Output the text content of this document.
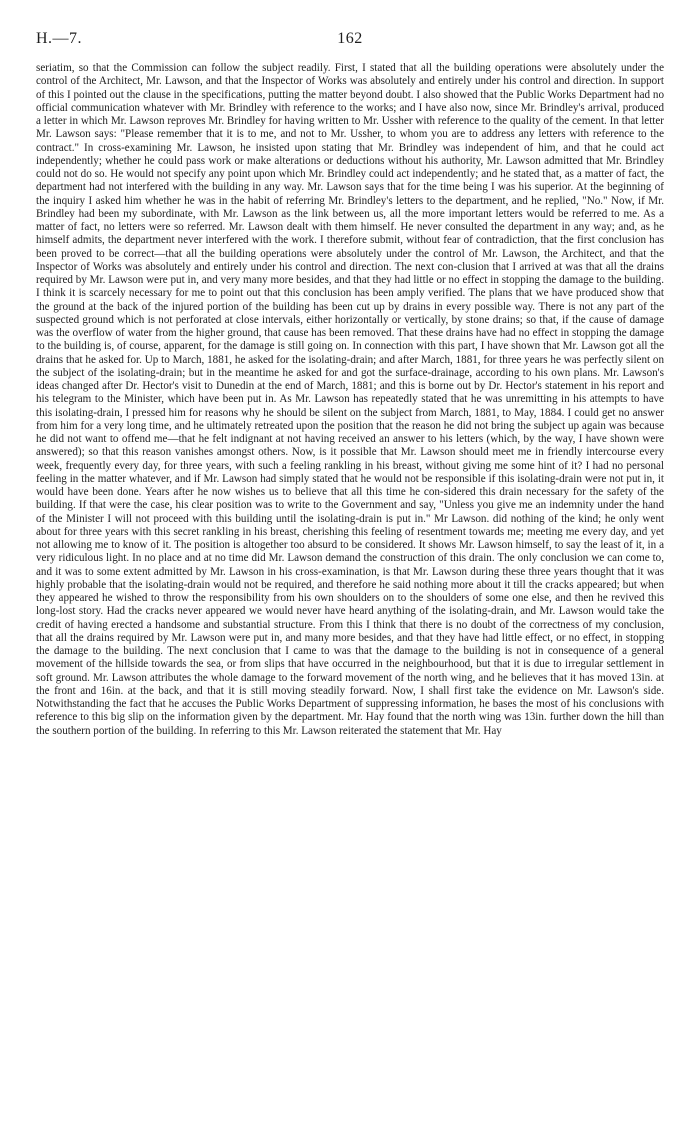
H.—7.	162

seriatim, so that the Commission can follow the subject readily. First, I stated that all the building operations were absolutely under the control of the Architect, Mr. Lawson, and that the Inspector of Works was absolutely and entirely under his control and direction. In support of this I pointed out the clause in the specifications, putting the matter beyond doubt. I also showed that the Public Works Department had no official communication whatever with Mr. Brindley with reference to the works; and I have also now, since Mr. Brindley's arrival, produced a letter in which Mr. Lawson reproves Mr. Brindley for having written to Mr. Ussher with reference to the quality of the cement. In that letter Mr. Lawson says: "Please remember that it is to me, and not to Mr. Ussher, to whom you are to address any letters with reference to the contract." In cross-examining Mr. Lawson, he insisted upon stating that Mr. Brindley was independent of him, and that he could act independently; whether he could pass work or make alterations or deductions without his authority, Mr. Lawson admitted that Mr. Brindley could not do so. He would not specify any point upon which Mr. Brindley could act independently; and he stated that, as a matter of fact, the department had not interfered with the building in any way. Mr. Lawson says that for the time being I was his superior. At the beginning of the inquiry I asked him whether he was in the habit of referring Mr. Brindley's letters to the department, and he replied, "No." Now, if Mr. Brindley had been my subordinate, with Mr. Lawson as the link between us, all the more important letters would be referred to me. As a matter of fact, no letters were so referred. Mr. Lawson dealt with them himself. He never consulted the department in any way; and, as he himself admits, the department never interfered with the work. I therefore submit, without fear of contradiction, that the first conclusion has been proved to be correct—that all the building operations were absolutely under the control of Mr. Lawson, the Architect, and that the Inspector of Works was absolutely and entirely under his control and direction. The next con-clusion that I arrived at was that all the drains required by Mr. Lawson were put in, and very many more besides, and that they had little or no effect in stopping the damage to the building. I think it is scarcely necessary for me to point out that this conclusion has been amply verified. The plans that we have produced show that the ground at the back of the injured portion of the building has been cut up by drains in every possible way. There is not any part of the suspected ground which is not perforated at close intervals, either horizontally or vertically, by stone drains; so that, if the cause of damage was the overflow of water from the higher ground, that cause has been removed. That these drains have had no effect in stopping the damage to the building is, of course, apparent, for the damage is still going on. In connection with this part, I have shown that Mr. Lawson got all the drains that he asked for. Up to March, 1881, he asked for the isolating-drain; and after March, 1881, for three years he was perfectly silent on the subject of the isolating-drain; but in the meantime he asked for and got the surface-drainage, according to his own plans. Mr. Lawson's ideas changed after Dr. Hector's visit to Dunedin at the end of March, 1881; and this is borne out by Dr. Hector's statement in his report and his telegram to the Minister, which have been put in. As Mr. Lawson has repeatedly stated that he was unremitting in his attempts to have this isolating-drain, I pressed him for reasons why he should be silent on the subject from March, 1881, to May, 1884. I could get no answer from him for a very long time, and he ultimately retreated upon the position that the reason he did not bring the subject up again was because he did not want to offend me—that he felt indignant at not having received an answer to his letters (which, by the way, I have shown were answered); so that this reason vanishes amongst others. Now, is it possible that Mr. Lawson should meet me in friendly intercourse every week, frequently every day, for three years, with such a feeling rankling in his breast, without giving me some hint of it? I had no personal feeling in the matter whatever, and if Mr. Lawson had simply stated that he would not be responsible if this isolating-drain were not put in, it would have been done. Years after he now wishes us to believe that all this time he con-sidered this drain necessary for the safety of the building. If that were the case, his clear position was to write to the Government and say, "Unless you give me an indemnity under the hand of the Minister I will not proceed with this building until the isolating-drain is put in." Mr Lawson. did nothing of the kind; he only went about for three years with this secret rankling in his breast, cherishing this feeling of resentment towards me; meeting me every day, and yet not allowing me to know of it. The position is altogether too absurd to be considered. It shows Mr. Lawson himself, to say the least of it, in a very ridiculous light. In no place and at no time did Mr. Lawson demand the construction of this drain. The only conclusion we can come to, and it was to some extent admitted by Mr. Lawson in his cross-examination, is that Mr. Lawson during these three years thought that it was highly probable that the isolating-drain would not be required, and therefore he said nothing more about it till the cracks appeared; but when they appeared he wished to throw the responsibility from his own shoulders on to the shoulders of some one else, and then he revived this long-lost story. Had the cracks never appeared we would never have heard anything of the isolating-drain, and Mr. Lawson would take the credit of having erected a handsome and substantial structure. From this I think that there is no doubt of the correctness of my conclusion, that all the drains required by Mr. Lawson were put in, and many more besides, and that they have had little effect, or no effect, in stopping the damage to the building. The next conclusion that I came to was that the damage to the building is not in consequence of a general movement of the hillside towards the sea, or from slips that have occurred in the neighbourhood, but that it is due to irregular settlement in soft ground. Mr. Lawson attributes the whole damage to the forward movement of the north wing, and he believes that it has moved 13in. at the front and 16in. at the back, and that it is still moving steadily forward. Now, I shall first take the evidence on Mr. Lawson's side. Notwithstanding the fact that he accuses the Public Works Department of suppressing information, he bases the most of his conclusions with reference to this big slip on the information given by the department. Mr. Hay found that the north wing was 13in. further down the hill than the southern portion of the building. In referring to this Mr. Lawson reiterated the statement that Mr. Hay
